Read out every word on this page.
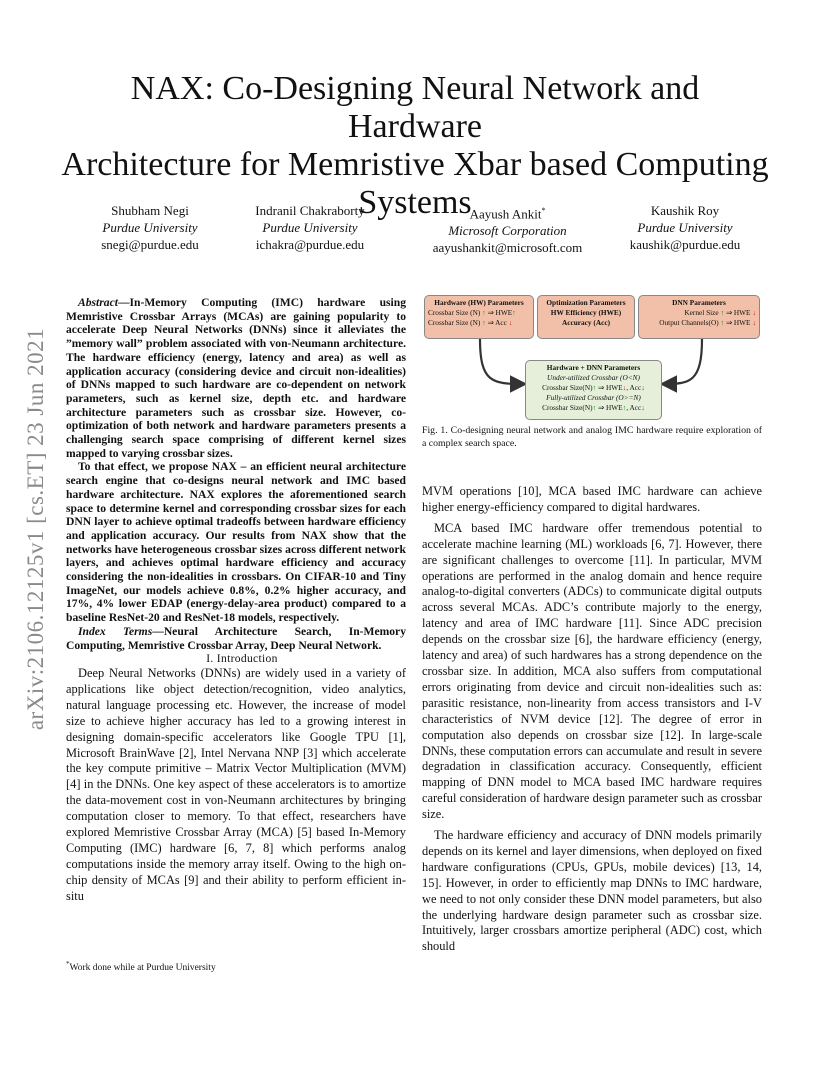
arXiv:2106.12125v1 [cs.ET] 23 Jun 2021
NAX: Co-Designing Neural Network and Hardware
Architecture for Memristive Xbar based Computing
Systems
Shubham Negi
Purdue University
snegi@purdue.edu
Indranil Chakraborty
Purdue University
ichakra@purdue.edu
Aayush Ankit*
Microsoft Corporation
aayushankit@microsoft.com
Kaushik Roy
Purdue University
kaushik@purdue.edu

Abstract—In-Memory Computing (IMC) hardware using Memristive Crossbar Arrays (MCAs) are gaining popularity to accelerate Deep Neural Networks (DNNs) since it alleviates the ”memory wall” problem associated with von-Neumann architecture. The hardware efficiency (energy, latency and area) as well as application accuracy (considering device and circuit non-idealities) of DNNs mapped to such hardware are co-dependent on network parameters, such as kernel size, depth etc. and hardware architecture parameters such as crossbar size. However, co-optimization of both network and hardware parameters presents a challenging search space comprising of different kernel sizes mapped to varying crossbar sizes.

To that effect, we propose NAX – an efficient neural architecture search engine that co-designs neural network and IMC based hardware architecture. NAX explores the aforementioned search space to determine kernel and corresponding crossbar sizes for each DNN layer to achieve optimal tradeoffs between hardware efficiency and application accuracy. Our results from NAX show that the networks have heterogeneous crossbar sizes across different network layers, and achieves optimal hardware efficiency and accuracy considering the non-idealities in crossbars. On CIFAR-10 and Tiny ImageNet, our models achieve 0.8%, 0.2% higher accuracy, and 17%, 4% lower EDAP (energy-delay-area product) compared to a baseline ResNet-20 and ResNet-18 models, respectively.

Index Terms—Neural Architecture Search, In-Memory Computing, Memristive Crossbar Array, Deep Neural Network.

I. Introduction

Deep Neural Networks (DNNs) are widely used in a variety of applications like object detection/recognition, video analytics, natural language processing etc. However, the increase of model size to achieve higher accuracy has led to a growing interest in designing domain-specific accelerators like Google TPU [1], Microsoft BrainWave [2], Intel Nervana NNP [3] which accelerate the key compute primitive – Matrix Vector Multiplication (MVM) [4] in the DNNs. One key aspect of these accelerators is to amortize the data-movement cost in von-Neumann architectures by bringing computation closer to memory. To that effect, researchers have explored Memristive Crossbar Array (MCA) [5] based In-Memory Computing (IMC) hardware [6, 7, 8] which performs analog computations inside the memory array itself. Owing to the high on-chip density of MCAs [9] and their ability to perform efficient in-situ

*Work done while at Purdue University
Hardware (HW) Parameters
Crossbar Size (N) ↑ ⇒ HWE↑
Crossbar Size (N) ↑ ⇒ Acc ↓
Optimization Parameters
HW Efficiency (HWE)
Accuracy (Acc)
DNN Parameters
Kernel Size ↑ ⇒ HWE ↓
Output Channels(O) ↑ ⇒ HWE ↓
Hardware + DNN Parameters
Under-utilized Crossbar (O<N)
Crossbar Size(N)↑ ⇒ HWE↓, Acc↓
Fully-utilized Crossbar (O>=N)
Crossbar Size(N)↑ ⇒ HWE↑, Acc↓
Fig. 1. Co-designing neural network and analog IMC hardware require exploration of a complex search space.

MVM operations [10], MCA based IMC hardware can achieve higher energy-efficiency compared to digital hardwares.

MCA based IMC hardware offer tremendous potential to accelerate machine learning (ML) workloads [6, 7]. However, there are significant challenges to overcome [11]. In particular, MVM operations are performed in the analog domain and hence require analog-to-digital converters (ADCs) to communicate digital outputs across several MCAs. ADC’s contribute majorly to the energy, latency and area of IMC hardware [11]. Since ADC precision depends on the crossbar size [6], the hardware efficiency (energy, latency and area) of such hardwares has a strong dependence on the crossbar size. In addition, MCA also suffers from computational errors originating from device and circuit non-idealities such as: parasitic resistance, non-linearity from access transistors and I-V characteristics of NVM device [12]. The degree of error in computation also depends on crossbar size [12]. In large-scale DNNs, these computation errors can accumulate and result in severe degradation in classification accuracy. Consequently, efficient mapping of DNN model to MCA based IMC hardware requires careful consideration of hardware design parameter such as crossbar size.

The hardware efficiency and accuracy of DNN models primarily depends on its kernel and layer dimensions, when deployed on fixed hardware configurations (CPUs, GPUs, mobile devices) [13, 14, 15]. However, in order to efficiently map DNNs to IMC hardware, we need to not only consider these DNN model parameters, but also the underlying hardware design parameter such as crossbar size. Intuitively, larger crossbars amortize peripheral (ADC) cost, which should
